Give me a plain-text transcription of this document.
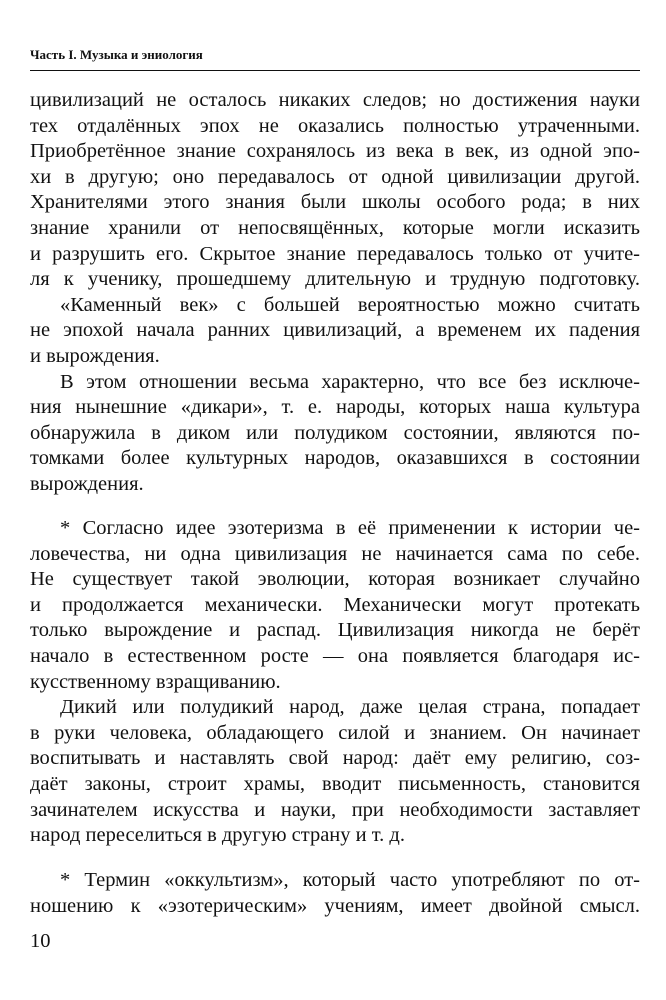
Часть I. Музыка и эниология
цивилизаций не осталось никаких следов; но достижения науки
тех отдалённых эпох не оказались полностью утраченными.
Приобретённое знание сохранялось из века в век, из одной эпо-
хи в другую; оно передавалось от одной цивилизации другой.
Хранителями этого знания были школы особого рода; в них
знание хранили от непосвящённых, которые могли исказить
и разрушить его. Скрытое знание передавалось только от учите-
ля к ученику, прошедшему длительную и трудную подготовку.
«Каменный век» с большей вероятностью можно считать
не эпохой начала ранних цивилизаций, а временем их падения
и вырождения.
В этом отношении весьма характерно, что все без исключе-
ния нынешние «дикари», т. е. народы, которых наша культура
обнаружила в диком или полудиком состоянии, являются по-
томками более культурных народов, оказавшихся в состоянии
вырождения.
* Согласно идее эзотеризма в её применении к истории че-
ловечества, ни одна цивилизация не начинается сама по себе.
Не существует такой эволюции, которая возникает случайно
и продолжается механически. Механически могут протекать
только вырождение и распад. Цивилизация никогда не берёт
начало в естественном росте — она появляется благодаря ис-
кусственному взращиванию.
Дикий или полудикий народ, даже целая страна, попадает
в руки человека, обладающего силой и знанием. Он начинает
воспитывать и наставлять свой народ: даёт ему религию, соз-
даёт законы, строит храмы, вводит письменность, становится
зачинателем искусства и науки, при необходимости заставляет
народ переселиться в другую страну и т. д.
* Термин «оккультизм», который часто употребляют по от-
ношению к «эзотерическим» учениям, имеет двойной смысл.
10
